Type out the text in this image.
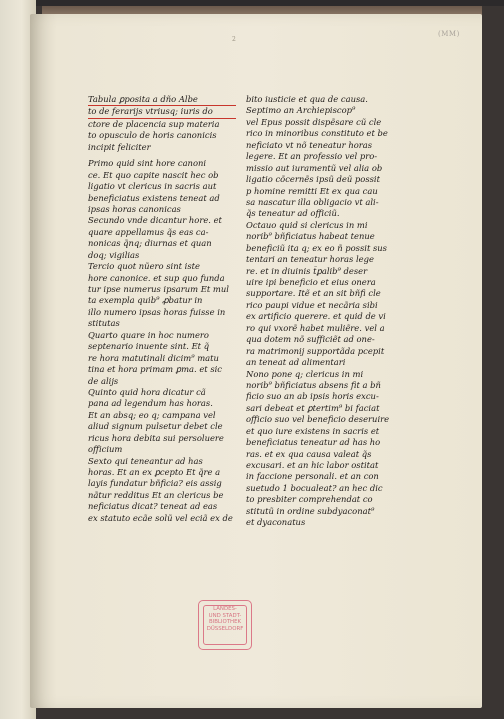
(MM)
2
Tabula ꝑposita a dño Albe
to de ferarijs vtriusq; iuris do
ctore de placencia sup materia
to opusculo de horis canonicis
incipit feliciter
Primo quid sint hore canoni
ce. Et quo capite nascit hec ob
ligatio vt clericus in sacris aut
beneficiatus existens teneat ad
ipsas horas canonicas
Secundo vnde dicantur hore. et
quare appellamus q̃s eas ca-
nonicas q̃nq; diurnas et quan
doq; vigilias
Tercio quot nũero sint iste
hore canonice. et sup quo funda
tur ipse numerus ipsarum Et mul
ta exempla quib⁹ ꝓbatur in
illo numero ipsas horas fuisse in
stitutas
Quarto quare in hoc numero
septenario inuente sint. Et q̃
re hora matutinali dicim⁹ matu
tina et hora primam ꝑma. et sic
de alijs
Quinto quid hora dicatur cã
pana ad legendum has horas.
Et an absq; eo q; campana vel
aliud signum pulsetur debet cle
ricus hora debita sui persoluere
officium
Sexto qui teneantur ad has
horas. Et an ex ꝑcepto Et q̃re a
layis fundatur bñficia? eis assig
nãtur redditus Et an clericus be
neficiatus dicat? teneat ad eas
ex statuto ecãe solũ vel eciã ex de
bito iusticie et qua de causa.
Septimo an Archiepiscop⁹
vel Epus possit dispẽsare cũ cle
rico in minoribus constituto et be
neficiato vt nõ teneatur horas
legere. Et an professio vel pro-
missio aut iuramentũ vel alia ob
ligatio cõcernẽs ipsũ deũ possit
p homine remitti Et ex qua cau
sa nascatur illa obligacio vt ali-
q̃s teneatur ad officiũ.
Octauo quid si clericus in mi
norib⁹ bñficiatus habeat tenue
beneficiũ ita q; ex eo ñ possit sus
tentari an teneatur horas lege
re. et in diuinis t̃ꝑalib⁹ deser
uire ipi beneficio et eius onera
supportare. Itẽ et an sit bñfi cle
rico paupi vidue et necãria sibi
ex artificio querere. et quid de vi
ro qui vxorẽ habet muliẽre. vel a
qua dotem nõ sufficiẽt ad one-
ra matrimonij supportãda pcepit
an teneat ad alimentari
Nono pone q; clericus in mi
norib⁹ bñficiatus absens fit a bñ
ficio suo an ab ipsis horis excu-
sari debeat et ꝑtertim⁹ bi faciat
officio suo vel beneficio deseruire
et quo iure existens in sacris et
beneficiatus teneatur ad has ho
ras. et ex qua causa valeat q̃s
excusari. et an hic labor ostitat
in faccione personali. et an con
suetudo 1 bocualeat? an hec dic
to presbiter comprehendat co
stitutũ in ordine subdyaconat⁹
et dyaconatus
LANDES-
UND STADT-
BIBLIOTHEK
DÜSSELDORF
